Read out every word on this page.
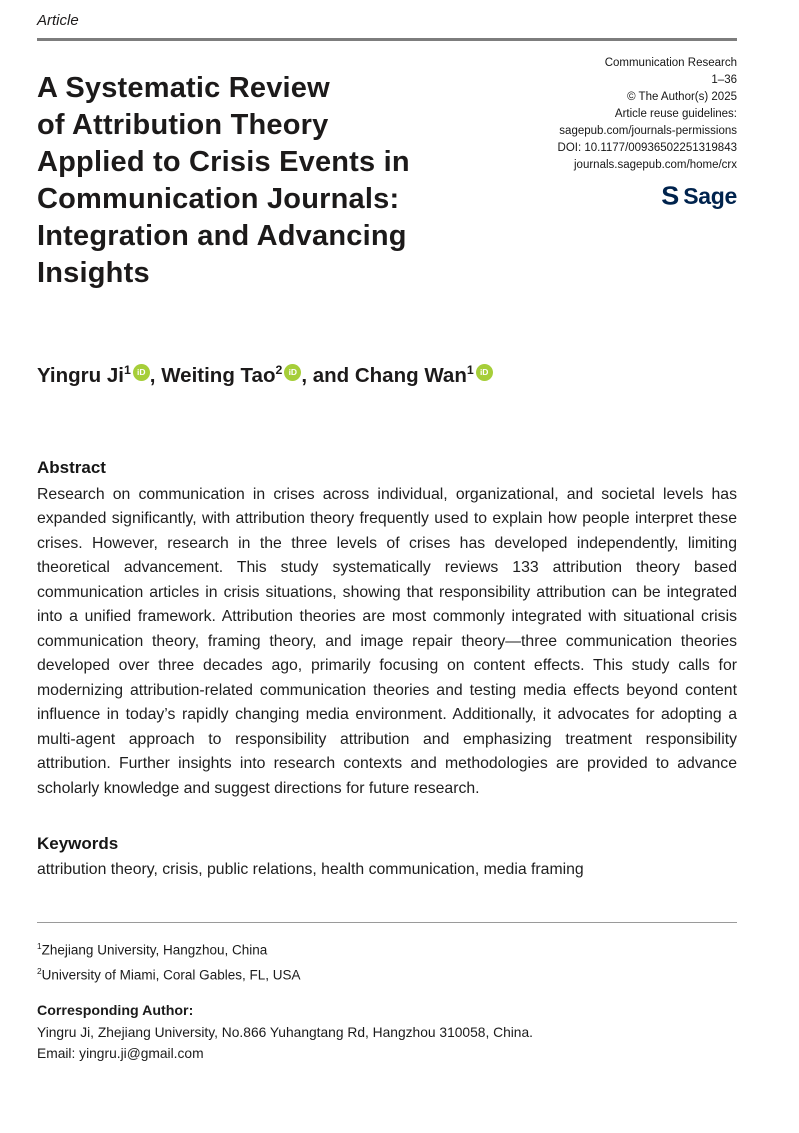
Article
A Systematic Review
of Attribution Theory
Applied to Crisis Events in
Communication Journals:
Integration and Advancing
Insights
Communication Research
1–36
© The Author(s) 2025
Article reuse guidelines:
sagepub.com/journals-permissions
DOI: 10.1177/00936502251319843
journals.sagepub.com/home/crx
S Sage
Yingru Ji$^1$ iD , Weiting Tao$^2$ iD , and Chang Wan$^1$ iD
Abstract

Research on communication in crises across individual, organizational, and societal levels has expanded significantly, with attribution theory frequently used to explain how people interpret these crises. However, research in the three levels of crises has developed independently, limiting theoretical advancement. This study systematically reviews 133 attribution theory based communication articles in crisis situations, showing that responsibility attribution can be integrated into a unified framework. Attribution theories are most commonly integrated with situational crisis communication theory, framing theory, and image repair theory—three communication theories developed over three decades ago, primarily focusing on content effects. This study calls for modernizing attribution-related communication theories and testing media effects beyond content influence in today’s rapidly changing media environment. Additionally, it advocates for adopting a multi-agent approach to responsibility attribution and emphasizing treatment responsibility attribution. Further insights into research contexts and methodologies are provided to advance scholarly knowledge and suggest directions for future research.

Keywords

attribution theory, crisis, public relations, health communication, media framing

$^1$Zhejiang University, Hangzhou, China
$^2$University of Miami, Coral Gables, FL, USA
Corresponding Author:
Yingru Ji, Zhejiang University, No.866 Yuhangtang Rd, Hangzhou 310058, China.
Email: yingru.ji@gmail.com
